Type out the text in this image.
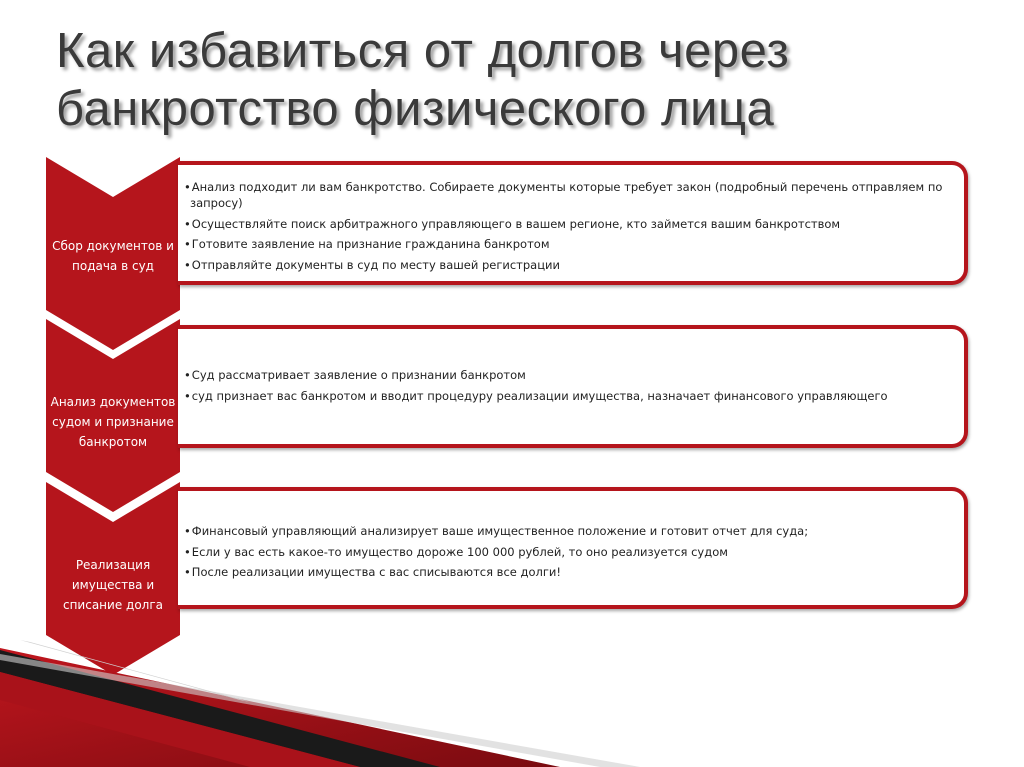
Как избавиться от долгов через банкротство физического лица
Сбор документов и подача в суд
•Анализ подходит ли вам банкротство. Собираете документы которые требует закон (подробный перечень отправляем по запросу)
•Осуществляйте поиск арбитражного управляющего в вашем регионе, кто займется вашим банкротством
•Готовите заявление на признание гражданина банкротом
•Отправляйте документы в суд по месту вашей регистрации
Анализ документов судом и признание банкротом
•Суд рассматривает заявление о признании банкротом
•суд признает вас банкротом и вводит процедуру реализации имущества, назначает финансового управляющего
Реализация имущества и списание долга
•Финансовый управляющий анализирует ваше имущественное положение и готовит отчет для суда;
•Если у вас есть какое-то имущество дороже 100 000 рублей, то оно реализуется судом
•После реализации имущества с вас списываются все долги!
